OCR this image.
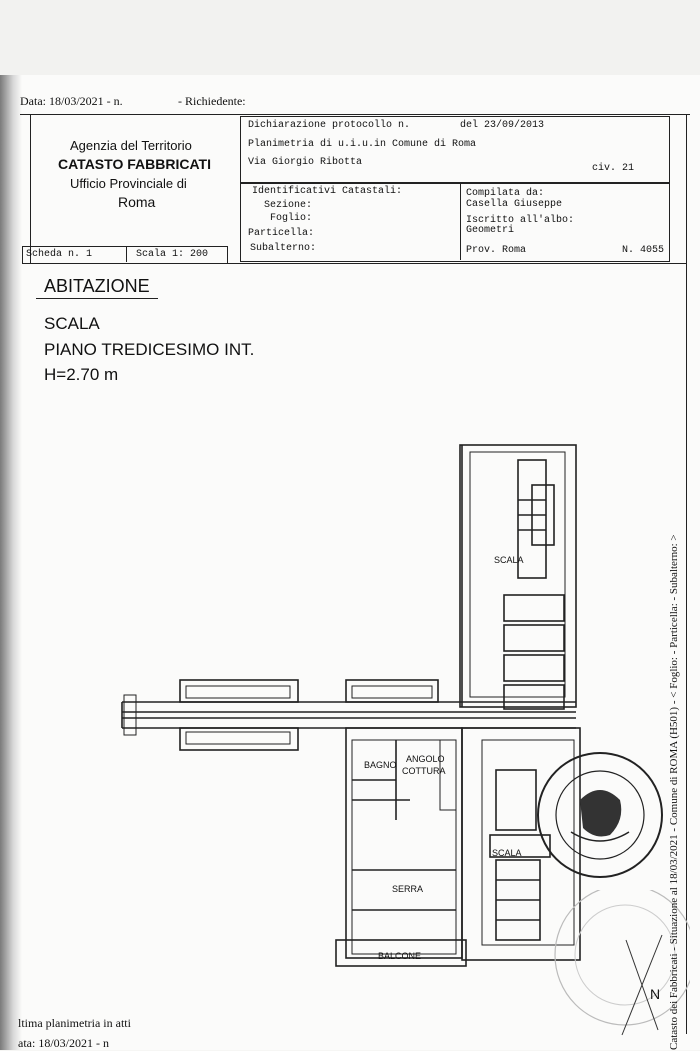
Data: 18/03/2021 - n.	- Richiedente:
Agenzia del Territorio
CATASTO FABBRICATI
Ufficio Provinciale di
Roma
Dichiarazione protocollo n.	del 23/09/2013
Planimetria di u.i.u.in Comune di Roma
Via Giorgio Ribotta
civ. 21
Identificativi Catastali:
Sezione:
Foglio:
Particella:
Subalterno:
Compilata da:
Casella Giuseppe
Iscritto all'albo:
Geometri
Prov. Roma	N. 4055
Scheda n. 1	Scala 1: 200
ABITAZIONE
SCALA
PIANO TREDICESIMO INT.
H=2.70 m
SCALA
BAGNO
ANGOLO
COTTURA
SERRA
BALCONE
SCALA
N Catasto dei Fabbricati - Situazione al 18/03/2021 - Comune di ROMA (H501) - < Foglio: - Particella: - Subalterno: >
ltima planimetria in atti
ata: 18/03/2021 - n
